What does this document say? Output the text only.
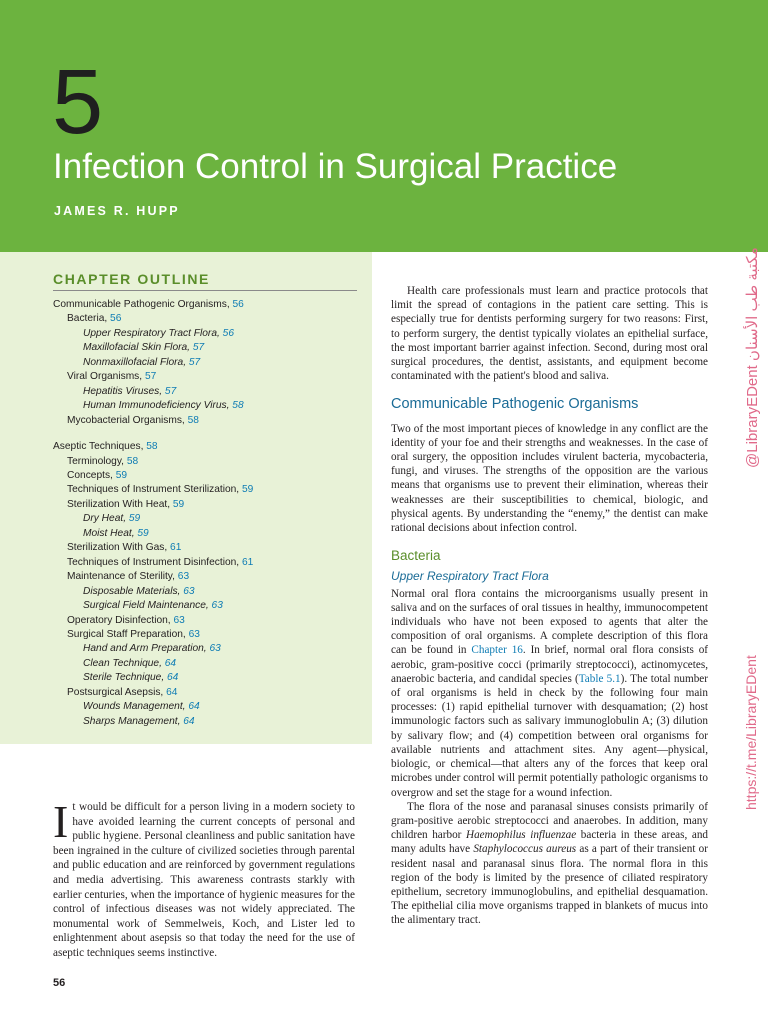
5
Infection Control in Surgical Practice
JAMES R. HUPP
CHAPTER OUTLINE
Communicable Pathogenic Organisms, 56
Bacteria, 56
Upper Respiratory Tract Flora, 56
Maxillofacial Skin Flora, 57
Nonmaxillofacial Flora, 57
Viral Organisms, 57
Hepatitis Viruses, 57
Human Immunodeficiency Virus, 58
Mycobacterial Organisms, 58
Aseptic Techniques, 58
Terminology, 58
Concepts, 59
Techniques of Instrument Sterilization, 59
Sterilization With Heat, 59
Dry Heat, 59
Moist Heat, 59
Sterilization With Gas, 61
Techniques of Instrument Disinfection, 61
Maintenance of Sterility, 63
Disposable Materials, 63
Surgical Field Maintenance, 63
Operatory Disinfection, 63
Surgical Staff Preparation, 63
Hand and Arm Preparation, 63
Clean Technique, 64
Sterile Technique, 64
Postsurgical Asepsis, 64
Wounds Management, 64
Sharps Management, 64
It would be difficult for a person living in a modern society to have avoided learning the current concepts of personal and public hygiene. Personal cleanliness and public sanitation have been ingrained in the culture of civilized societies through parental and public education and are reinforced by government regulations and media advertising. This awareness contrasts starkly with earlier centuries, when the importance of hygienic measures for the control of infectious diseases was not widely appreciated. The monumental work of Semmelweis, Koch, and Lister led to enlightenment about asepsis so that today the need for the use of aseptic techniques seems instinctive.
56

Health care professionals must learn and practice protocols that limit the spread of contagions in the patient care setting. This is especially true for dentists performing surgery for two reasons: First, to perform surgery, the dentist typically violates an epithelial surface, the most important barrier against infection. Second, during most oral surgical procedures, the dentist, assistants, and equipment become contaminated with the patient's blood and saliva.

Communicable Pathogenic Organisms

Two of the most important pieces of knowledge in any conflict are the identity of your foe and their strengths and weaknesses. In the case of oral surgery, the opposition includes virulent bacteria, mycobacteria, fungi, and viruses. The strengths of the opposition are the various means that organisms use to prevent their elimination, whereas their weaknesses are their susceptibilities to chemical, biologic, and physical agents. By understanding the “enemy,” the dentist can make rational decisions about infection control.

Bacteria
Upper Respiratory Tract Flora

Normal oral flora contains the microorganisms usually present in saliva and on the surfaces of oral tissues in healthy, immunocompetent individuals who have not been exposed to agents that alter the composition of oral organisms. A complete description of this flora can be found in Chapter 16. In brief, normal oral flora consists of aerobic, gram-positive cocci (primarily streptococci), actinomycetes, anaerobic bacteria, and candidal species (Table 5.1). The total number of oral organisms is held in check by the following four main processes: (1) rapid epithelial turnover with desquamation; (2) host immunologic factors such as salivary immunoglobulin A; (3) dilution by salivary flow; and (4) competition between oral organisms for available nutrients and attachment sites. Any agent—physical, biologic, or chemical—that alters any of the forces that keep oral microbes under control will permit potentially pathologic organisms to overgrow and set the stage for a wound infection.

The flora of the nose and paranasal sinuses consists primarily of gram-positive aerobic streptococci and anaerobes. In addition, many children harbor Haemophilus influenzae bacteria in these areas, and many adults have Staphylococcus aureus as a part of their transient or resident nasal and paranasal sinus flora. The normal flora in this region of the body is limited by the presence of ciliated respiratory epithelium, secretory immunoglobulins, and epithelial desquamation. The epithelial cilia move organisms trapped in blankets of mucus into the alimentary tract.

@LibraryEDent مكتبة طب الأسنان
https://t.me/LibraryEDent
